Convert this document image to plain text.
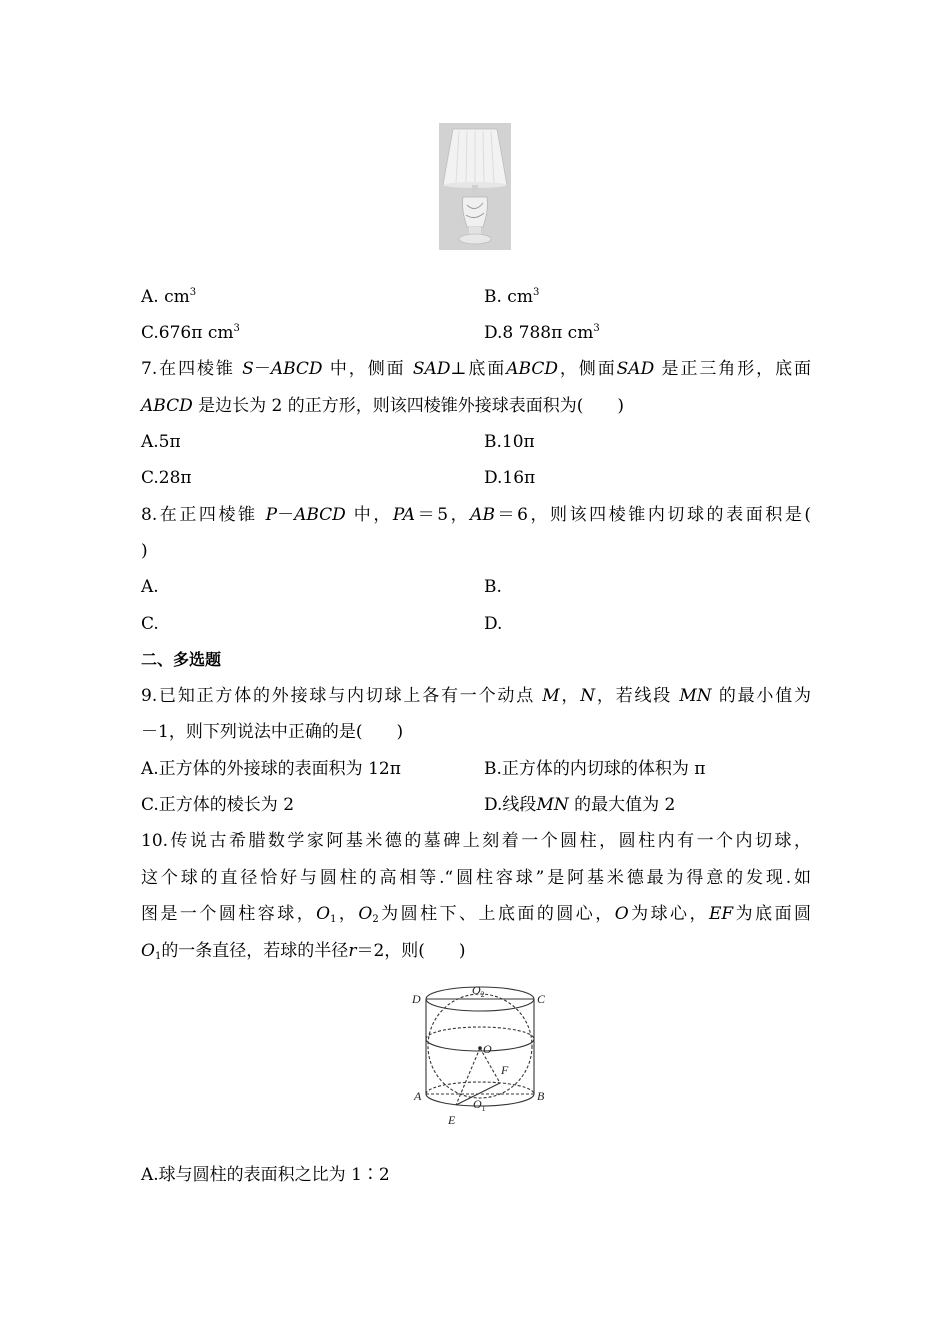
A. $cm^3$	B. $cm^3$
C.676π $cm^3$	D.8 788π $cm^3$
7.在四棱锥 S－ABCD 中，侧面 SAD⊥底面ABCD，侧面SAD 是正三角形，底面
ABCD 是边长为 2 的正方形，则该四棱锥外接球表面积为(　　)
A.5π	B.10π
C.28π	D.16π
8.在正四棱锥 P－ABCD 中，PA＝5，AB＝6，则该四棱锥内切球的表面积是(
)
A.	B.
C.	D.
二、多选题
9.已知正方体的外接球与内切球上各有一个动点 M，N，若线段 MN 的最小值为
－1，则下列说法中正确的是(　　)
A.正方体的外接球的表面积为 12π	B.正方体的内切球的体积为 π
C.正方体的棱长为 2	D.线段MN 的最大值为 2
10.传说古希腊数学家阿基米德的墓碑上刻着一个圆柱，圆柱内有一个内切球，
这个球的直径恰好与圆柱的高相等.“圆柱容球”是阿基米德最为得意的发现.如
图是一个圆柱容球，$O_1$，$O_2$为圆柱下、上底面的圆心，O为球心，EF为底面圆
$O_1$的一条直径，若球的半径r＝2，则(　　)
D	C
$O_2$
O
F
A	B
$O_1$
E
A.球与圆柱的表面积之比为 1∶2
